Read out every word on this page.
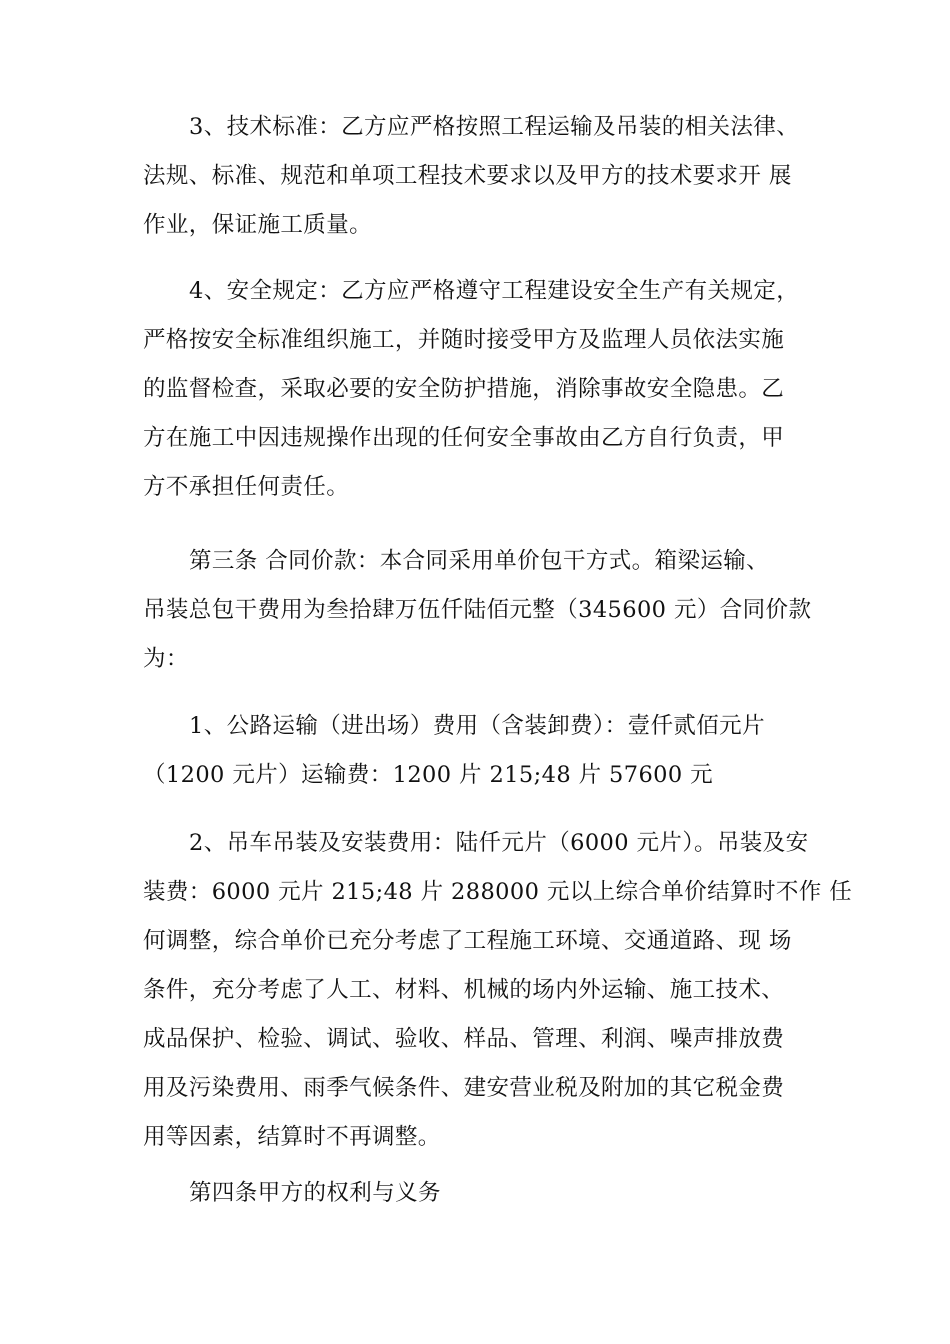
3、技术标准：乙方应严格按照工程运输及吊装的相关法律、
法规、标准、规范和单项工程技术要求以及甲方的技术要求开 展
作业，保证施工质量。
4、安全规定：乙方应严格遵守工程建设安全生产有关规定，
严格按安全标准组织施工，并随时接受甲方及监理人员依法实施
的监督检查，采取必要的安全防护措施，消除事故安全隐患。乙
方在施工中因违规操作出现的任何安全事故由乙方自行负责，甲
方不承担任何责任。
第三条 合同价款：本合同采用单价包干方式。箱梁运输、
吊装总包干费用为叁拾肆万伍仟陆佰元整（345600 元）合同价款
为：
1、公路运输（进出场）费用（含装卸费）：壹仟贰佰元片
（1200 元片）运输费：1200 片 215;48 片 57600 元
2、吊车吊装及安装费用：陆仟元片（6000 元片）。吊装及安
装费：6000 元片 215;48 片 288000 元以上综合单价结算时不作 任
何调整，综合单价已充分考虑了工程施工环境、交通道路、现 场
条件，充分考虑了人工、材料、机械的场内外运输、施工技术、
成品保护、检验、调试、验收、样品、管理、利润、噪声排放费
用及污染费用、雨季气候条件、建安营业税及附加的其它税金费
用等因素，结算时不再调整。
第四条甲方的权利与义务
